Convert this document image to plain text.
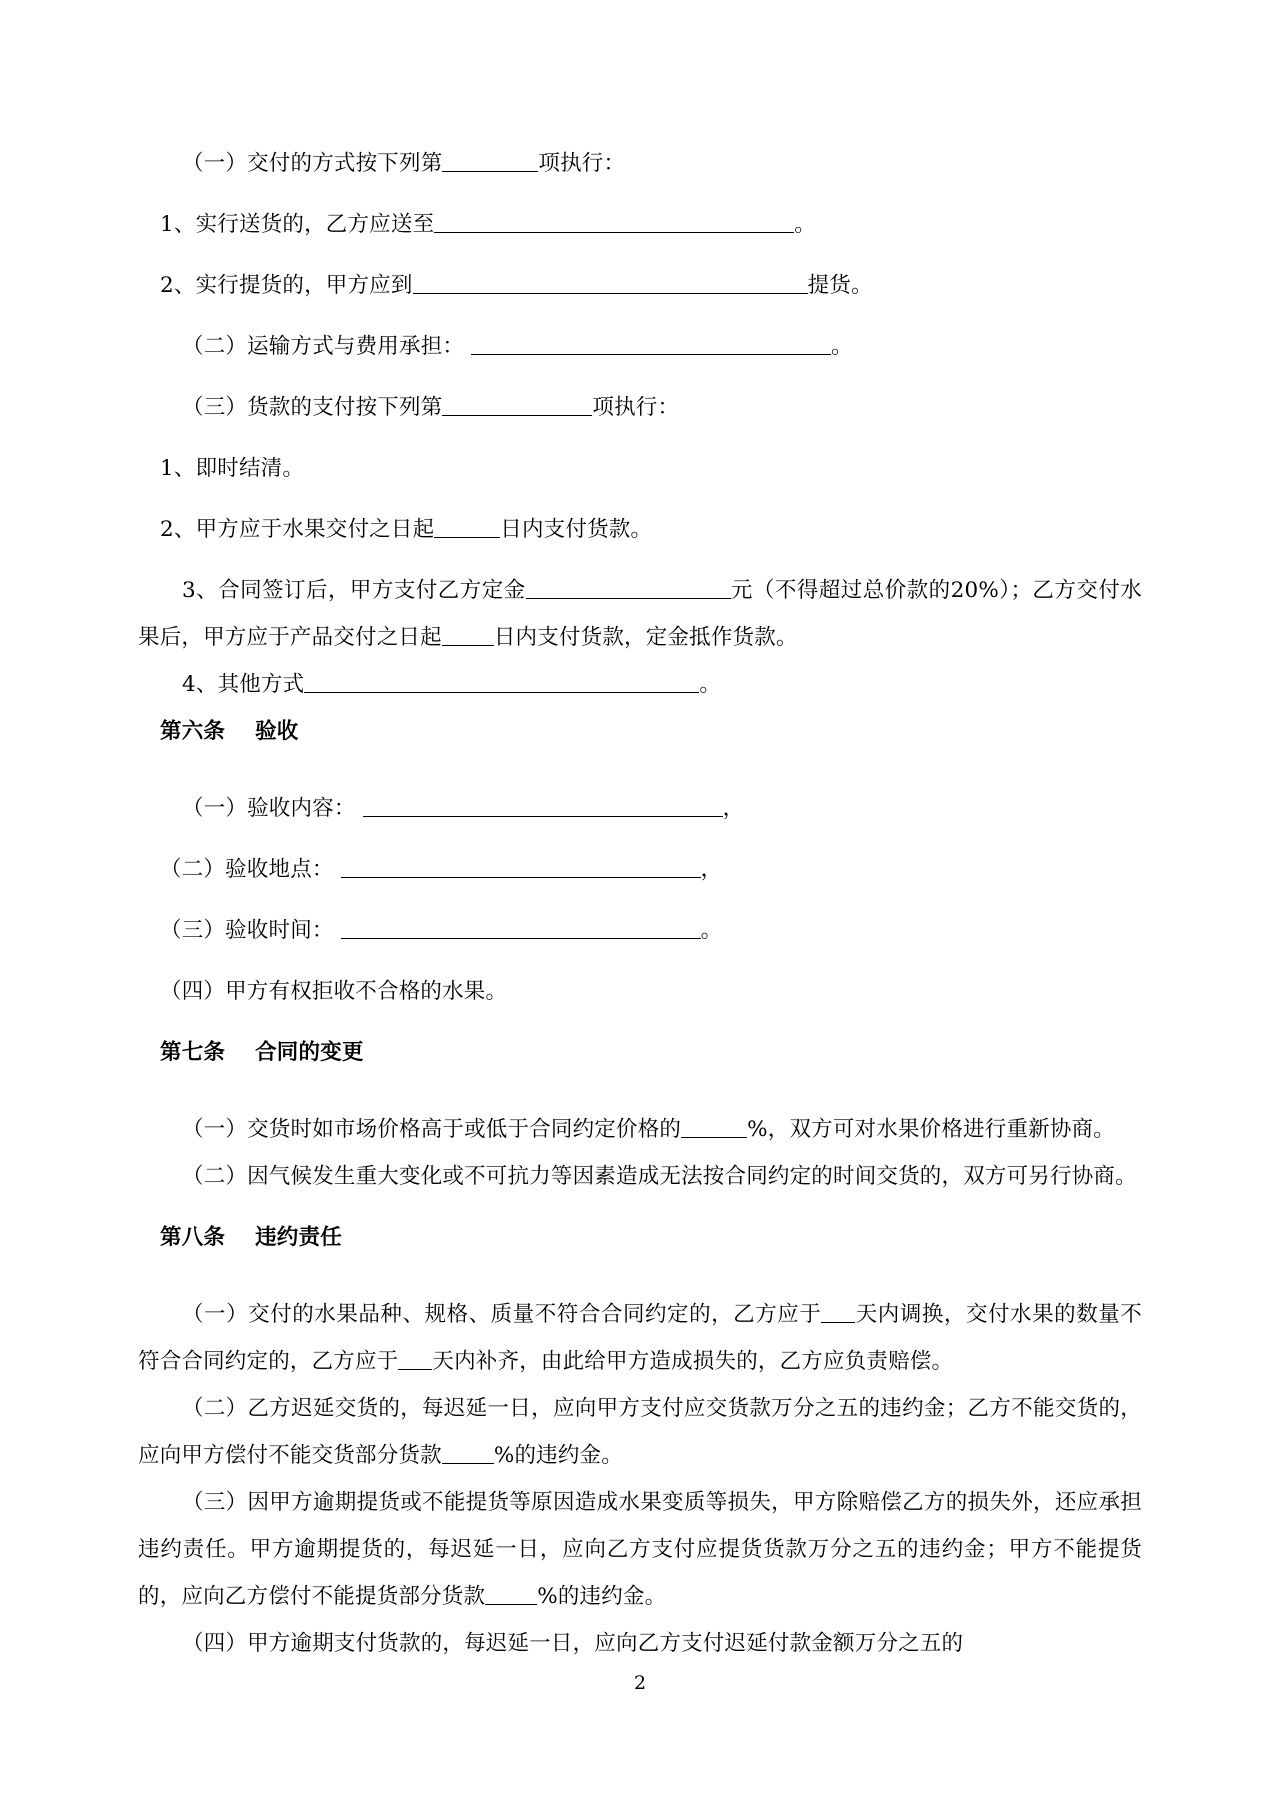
（一）交付的方式按下列第	项执行：

1、实行送货的，乙方应送至	。

2、实行提货的，甲方应到	提货。

（二）运输方式与费用承担：	。

（三）货款的支付按下列第	项执行：

1、即时结清。

2、甲方应于水果交付之日起	日内支付货款。

3、合同签订后，甲方支付乙方定金	元（不得超过总价款的20%）；乙方交付水果后，甲方应于产品交付之日起 日内支付货款，定金抵作货款。

4、其他方式	。

第六条 验收

（一）验收内容：	，

（二）验收地点：	，

（三）验收时间：	。

（四）甲方有权拒收不合格的水果。

第七条 合同的变更

（一）交货时如市场价格高于或低于合同约定价格的	%，双方可对水果价格进行重新协商。

（二）因气候发生重大变化或不可抗力等因素造成无法按合同约定的时间交货的，双方可另行协商。

第八条 违约责任

（一）交付的水果品种、规格、质量不符合合同约定的，乙方应于 天内调换，交付水果的数量不符合合同约定的，乙方应于 天内补齐，由此给甲方造成损失的，乙方应负责赔偿。

（二）乙方迟延交货的，每迟延一日，应向甲方支付应交货款万分之五的违约金；乙方不能交货的，应向甲方偿付不能交货部分货款 %的违约金。

（三）因甲方逾期提货或不能提货等原因造成水果变质等损失，甲方除赔偿乙方的损失外，还应承担违约责任。甲方逾期提货的，每迟延一日，应向乙方支付应提货货款万分之五的违约金；甲方不能提货的，应向乙方偿付不能提货部分货款 %的违约金。

（四）甲方逾期支付货款的，每迟延一日，应向乙方支付迟延付款金额万分之五的

2
